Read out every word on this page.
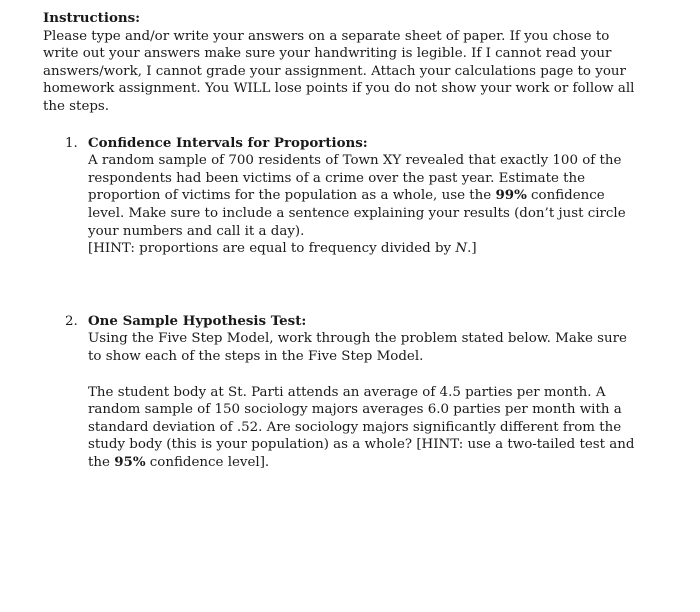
Instructions:

Please type and/or write your answers on a separate sheet of paper. If you chose to write out your answers make sure your handwriting is legible. If I cannot read your answers/work, I cannot grade your assignment. Attach your calculations page to your homework assignment. You WILL lose points if you do not show your work or follow all the steps.

1. Confidence Intervals for Proportions:
A random sample of 700 residents of Town XY revealed that exactly 100 of the respondents had been victims of a crime over the past year. Estimate the proportion of victims for the population as a whole, use the 99% confidence level. Make sure to include a sentence explaining your results (don’t just circle your numbers and call it a day).
[HINT: proportions are equal to frequency divided by N.]
2. One Sample Hypothesis Test:
Using the Five Step Model, work through the problem stated below. Make sure to show each of the steps in the Five Step Model.
The student body at St. Parti attends an average of 4.5 parties per month. A random sample of 150 sociology majors averages 6.0 parties per month with a standard deviation of .52. Are sociology majors significantly different from the study body (this is your population) as a whole? [HINT: use a two-tailed test and the 95% confidence level].
